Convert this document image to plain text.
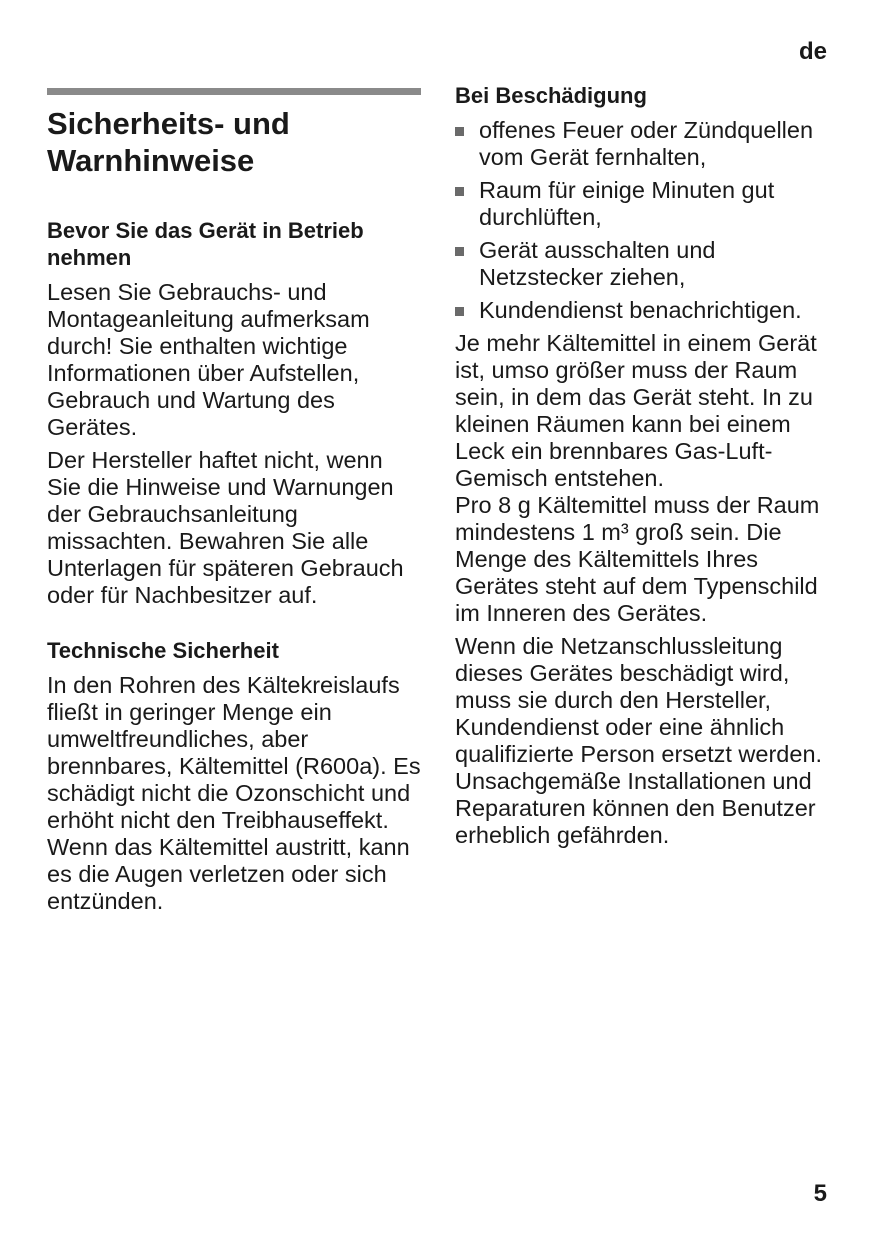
de
Sicherheits- und
Warnhinweise
Bevor Sie das Gerät in Betrieb nehmen

Lesen Sie Gebrauchs- und Montageanleitung aufmerksam durch! Sie enthalten wichtige Informationen über Aufstellen, Gebrauch und Wartung des Gerätes.

Der Hersteller haftet nicht, wenn Sie die Hinweise und Warnungen der Gebrauchsanleitung missachten. Bewahren Sie alle Unterlagen für späteren Gebrauch oder für Nachbesitzer auf.

Technische Sicherheit

In den Rohren des Kältekreislaufs fließt in geringer Menge ein umweltfreundliches, aber brennbares, Kältemittel (R600a). Es schädigt nicht die Ozonschicht und erhöht nicht den Treibhauseffekt. Wenn das Kältemittel austritt, kann es die Augen verletzen oder sich entzünden.

Bei Beschädigung
offenes Feuer oder Zündquellen vom Gerät fernhalten,
Raum für einige Minuten gut durchlüften,
Gerät ausschalten und Netzstecker ziehen,
Kundendienst benachrichtigen.

Je mehr Kältemittel in einem Gerät ist, umso größer muss der Raum sein, in dem das Gerät steht. In zu kleinen Räumen kann bei einem Leck ein brennbares Gas-Luft-Gemisch entstehen.

Pro 8 g Kältemittel muss der Raum mindestens 1 m³ groß sein. Die Menge des Kältemittels Ihres Gerätes steht auf dem Typenschild im Inneren des Gerätes.

Wenn die Netzanschlussleitung dieses Gerätes beschädigt wird, muss sie durch den Hersteller, Kundendienst oder eine ähnlich qualifizierte Person ersetzt werden. Unsachgemäße Installationen und Reparaturen können den Benutzer erheblich gefährden.

5
